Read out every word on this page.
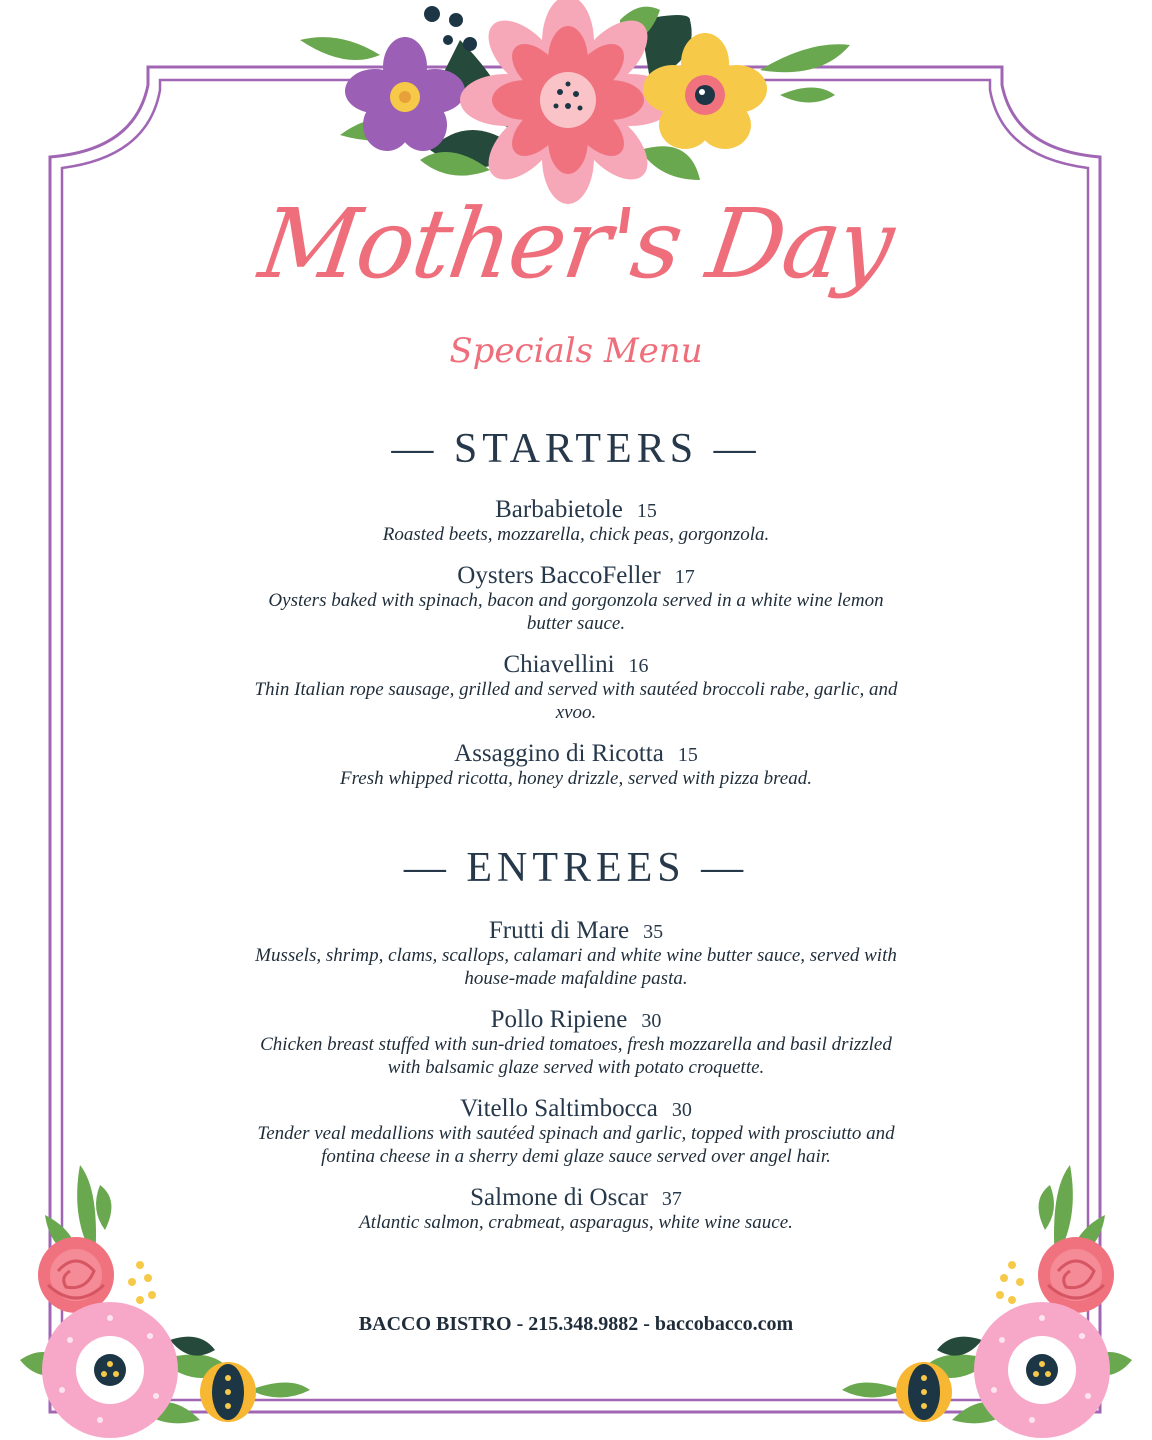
Mother's Day
Specials Menu
— STARTERS —
Barbabietole 15
Roasted beets, mozzarella, chick peas, gorgonzola.
Oysters BaccoFeller 17
Oysters baked with spinach, bacon and gorgonzola served in a white wine lemon butter sauce.
Chiavellini 16
Thin Italian rope sausage, grilled and served with sautéed broccoli rabe, garlic, and xvoo.
Assaggino di Ricotta 15
Fresh whipped ricotta, honey drizzle, served with pizza bread.
— ENTREES —
Frutti di Mare 35
Mussels, shrimp, clams, scallops, calamari and white wine butter sauce, served with house-made mafaldine pasta.
Pollo Ripiene 30
Chicken breast stuffed with sun-dried tomatoes, fresh mozzarella and basil drizzled with balsamic glaze served with potato croquette.
Vitello Saltimbocca 30
Tender veal medallions with sautéed spinach and garlic, topped with prosciutto and fontina cheese in a sherry demi glaze sauce served over angel hair.
Salmone di Oscar 37
Atlantic salmon, crabmeat, asparagus, white wine sauce.
BACCO BISTRO - 215.348.9882 - baccobacco.com
